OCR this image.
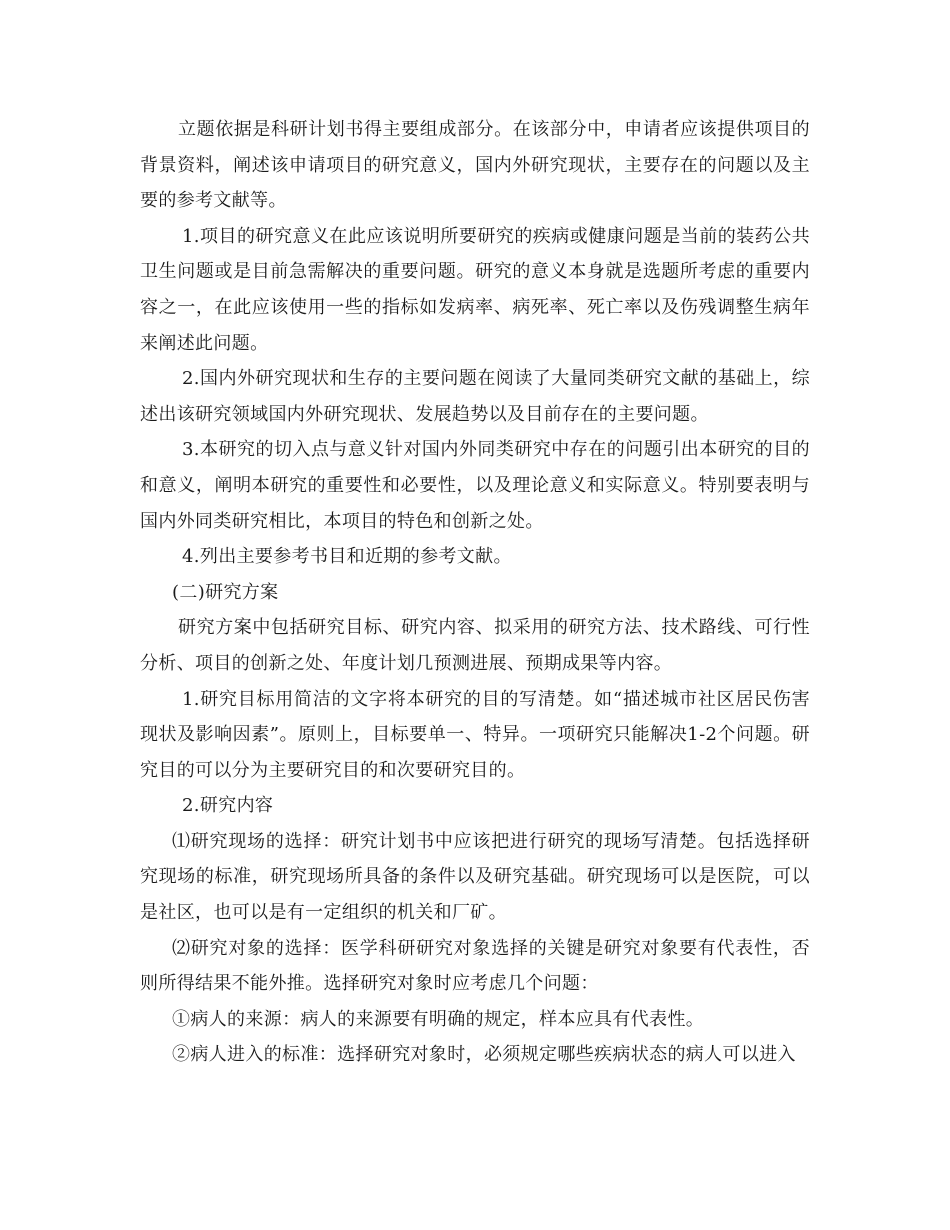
立题依据是科研计划书得主要组成部分。在该部分中，申请者应该提供项目的背景资料，阐述该申请项目的研究意义，国内外研究现状，主要存在的问题以及主要的参考文献等。

1.项目的研究意义在此应该说明所要研究的疾病或健康问题是当前的装药公共卫生问题或是目前急需解决的重要问题。研究的意义本身就是选题所考虑的重要内容之一，在此应该使用一些的指标如发病率、病死率、死亡率以及伤残调整生病年来阐述此问题。

2.国内外研究现状和生存的主要问题在阅读了大量同类研究文献的基础上，综述出该研究领域国内外研究现状、发展趋势以及目前存在的主要问题。

3.本研究的切入点与意义针对国内外同类研究中存在的问题引出本研究的目的和意义，阐明本研究的重要性和必要性，以及理论意义和实际意义。特别要表明与国内外同类研究相比，本项目的特色和创新之处。

4.列出主要参考书目和近期的参考文献。

(二)研究方案

研究方案中包括研究目标、研究内容、拟采用的研究方法、技术路线、可行性分析、项目的创新之处、年度计划几预测进展、预期成果等内容。

1.研究目标用简洁的文字将本研究的目的写清楚。如“描述城市社区居民伤害现状及影响因素”。原则上，目标要单一、特异。一项研究只能解决1-2个问题。研究目的可以分为主要研究目的和次要研究目的。

2.研究内容

⑴研究现场的选择：研究计划书中应该把进行研究的现场写清楚。包括选择研究现场的标准，研究现场所具备的条件以及研究基础。研究现场可以是医院，可以是社区，也可以是有一定组织的机关和厂矿。

⑵研究对象的选择：医学科研研究对象选择的关键是研究对象要有代表性，否则所得结果不能外推。选择研究对象时应考虑几个问题：

①病人的来源：病人的来源要有明确的规定，样本应具有代表性。

②病人进入的标准：选择研究对象时，必须规定哪些疾病状态的病人可以进入
